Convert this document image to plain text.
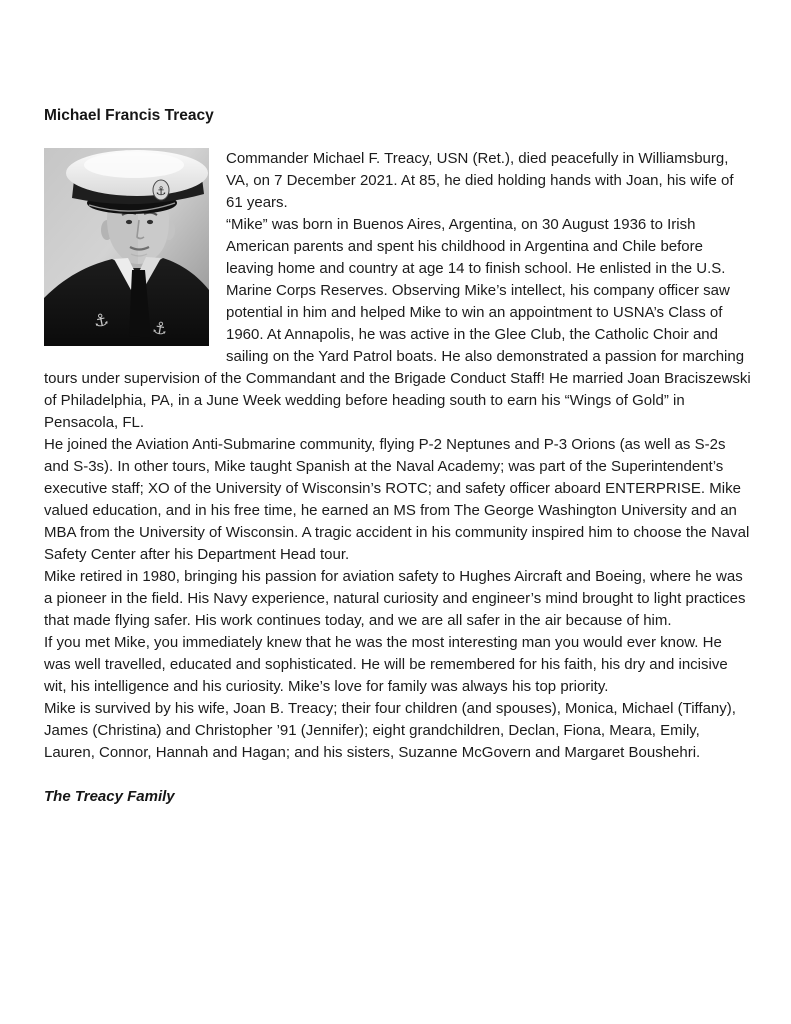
Michael Francis Treacy
⚓
⚓ ⚓

Commander Michael F. Treacy, USN (Ret.), died peacefully in Williamsburg, VA, on 7 December 2021. At 85, he died holding hands with Joan, his wife of 61 years.

“Mike” was born in Buenos Aires, Argentina, on 30 August 1936 to Irish American parents and spent his childhood in Argentina and Chile before leaving home and country at age 14 to finish school. He enlisted in the U.S. Marine Corps Reserves. Observing Mike’s intellect, his company officer saw potential in him and helped Mike to win an appointment to USNA’s Class of 1960. At Annapolis, he was active in the Glee Club, the Catholic Choir and sailing on the Yard Patrol boats. He also demonstrated a passion for marching tours under supervision of the Commandant and the Brigade Conduct Staff! He married Joan Braciszewski of Philadelphia, PA, in a June Week wedding before heading south to earn his “Wings of Gold” in Pensacola, FL.

He joined the Aviation Anti-Submarine community, flying P-2 Neptunes and P-3 Orions (as well as S-2s and S-3s). In other tours, Mike taught Spanish at the Naval Academy; was part of the Superintendent’s executive staff; XO of the University of Wisconsin’s ROTC; and safety officer aboard ENTERPRISE. Mike valued education, and in his free time, he earned an MS from The George Washington University and an MBA from the University of Wisconsin. A tragic accident in his community inspired him to choose the Naval Safety Center after his Department Head tour.

Mike retired in 1980, bringing his passion for aviation safety to Hughes Aircraft and Boeing, where he was a pioneer in the field. His Navy experience, natural curiosity and engineer’s mind brought to light practices that made flying safer. His work continues today, and we are all safer in the air because of him.

If you met Mike, you immediately knew that he was the most interesting man you would ever know. He was well travelled, educated and sophisticated. He will be remembered for his faith, his dry and incisive wit, his intelligence and his curiosity. Mike’s love for family was always his top priority.

Mike is survived by his wife, Joan B. Treacy; their four children (and spouses), Monica, Michael (Tiffany), James (Christina) and Christopher ’91 (Jennifer); eight grandchildren, Declan, Fiona, Meara, Emily, Lauren, Connor, Hannah and Hagan; and his sisters, Suzanne McGovern and Margaret Boushehri.

The Treacy Family
